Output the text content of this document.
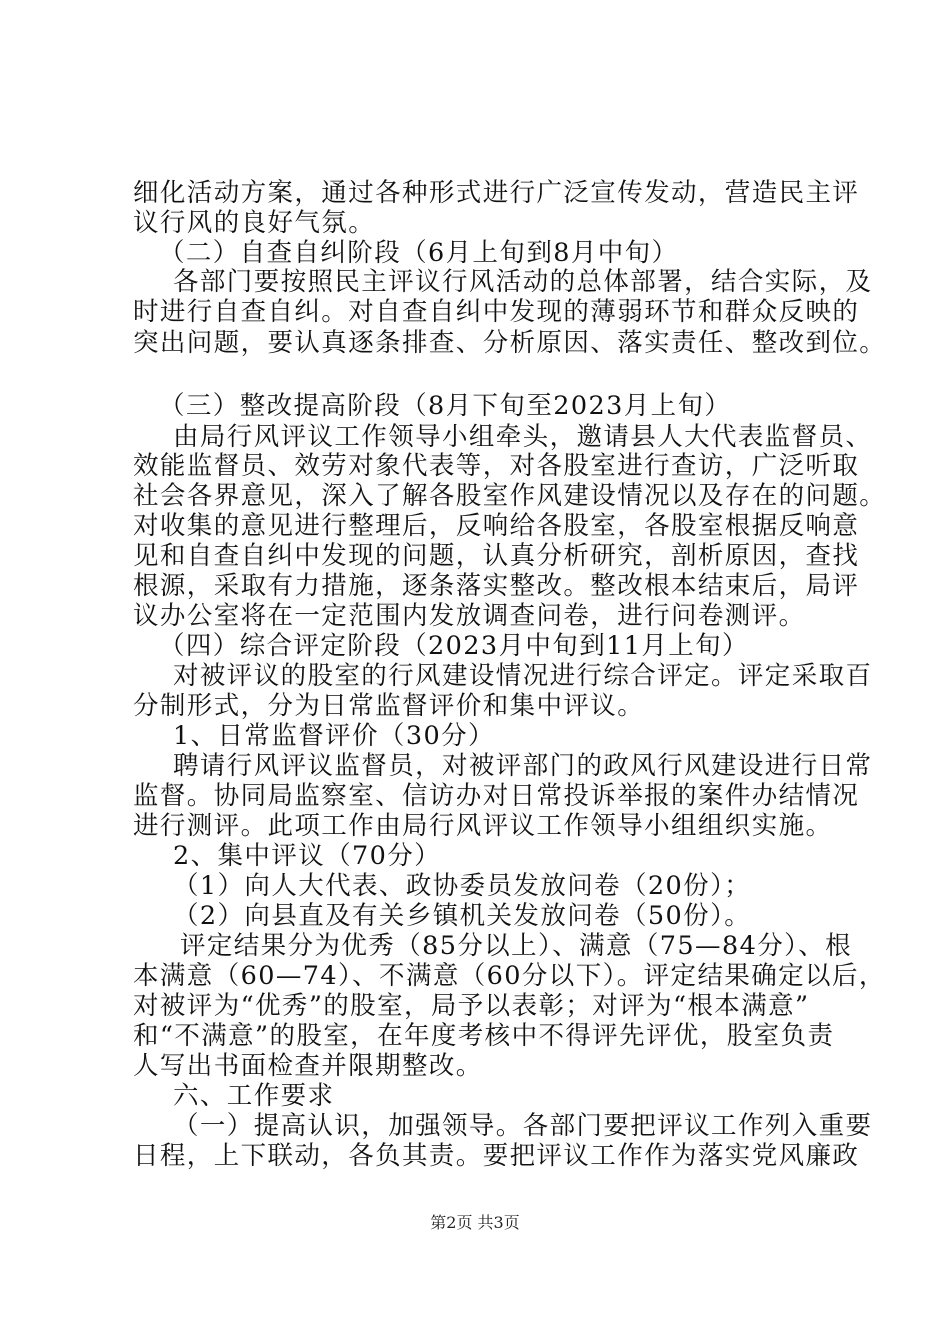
细化活动方案，通过各种形式进行广泛宣传发动，营造民主评
议行风的良好气氛。
（二）自查自纠阶段（6月上旬到8月中旬）
各部门要按照民主评议行风活动的总体部署，结合实际，及
时进行自查自纠。对自查自纠中发现的薄弱环节和群众反映的
突出问题，要认真逐条排查、分析原因、落实责任、整改到位。
（三）整改提高阶段（8月下旬至2023月上旬）
由局行风评议工作领导小组牵头，邀请县人大代表监督员、
效能监督员、效劳对象代表等，对各股室进行查访，广泛听取
社会各界意见，深入了解各股室作风建设情况以及存在的问题。
对收集的意见进行整理后，反响给各股室，各股室根据反响意
见和自查自纠中发现的问题，认真分析研究，剖析原因，查找
根源，采取有力措施，逐条落实整改。整改根本结束后，局评
议办公室将在一定范围内发放调查问卷，进行问卷测评。
（四）综合评定阶段（2023月中旬到11月上旬）
对被评议的股室的行风建设情况进行综合评定。评定采取百
分制形式，分为日常监督评价和集中评议。
1、日常监督评价（30分）
聘请行风评议监督员，对被评部门的政风行风建设进行日常
监督。协同局监察室、信访办对日常投诉举报的案件办结情况
进行测评。此项工作由局行风评议工作领导小组组织实施。
2、集中评议（70分）
（1）向人大代表、政协委员发放问卷（20份）；
（2）向县直及有关乡镇机关发放问卷（50份）。
评定结果分为优秀（85分以上）、满意（75—84分）、根
本满意（60—74）、不满意（60分以下）。评定结果确定以后，
对被评为“优秀”的股室，局予以表彰；对评为“根本满意”
和“不满意”的股室，在年度考核中不得评先评优，股室负责
人写出书面检查并限期整改。
六、工作要求
（一）提高认识，加强领导。各部门要把评议工作列入重要
日程，上下联动，各负其责。要把评议工作作为落实党风廉政
第2页 共3页
